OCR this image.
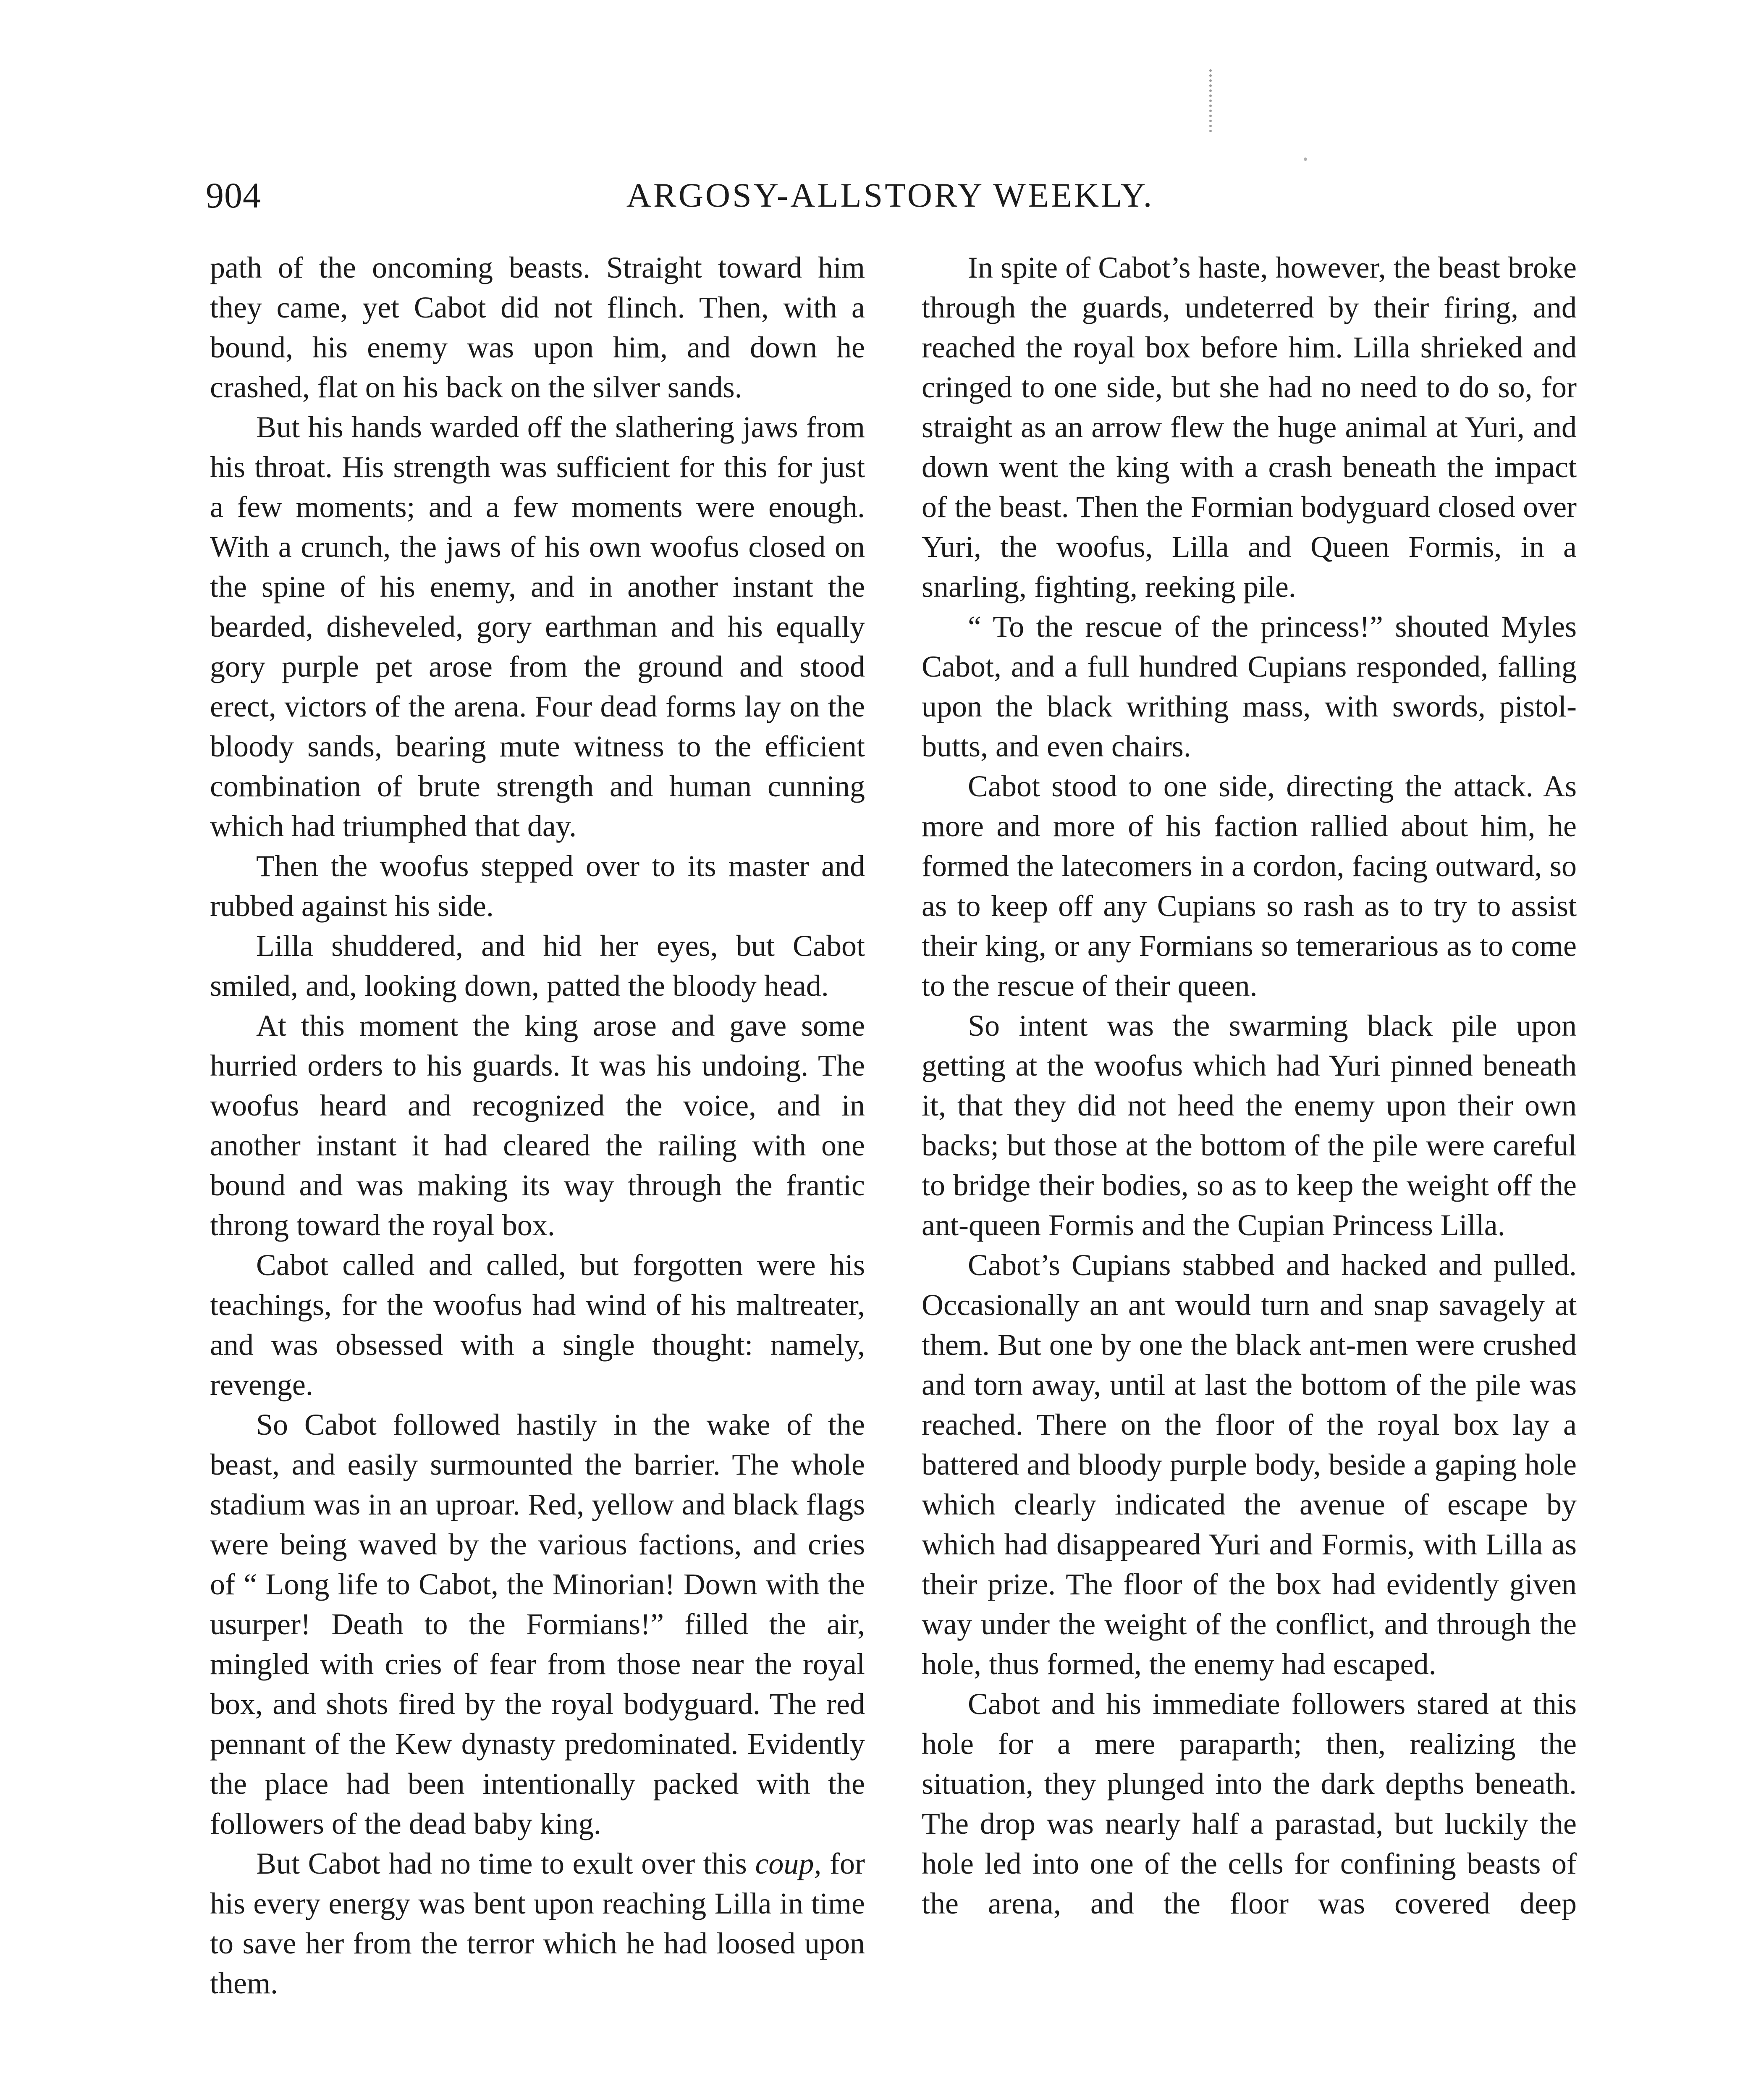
904	ARGOSY-ALLSTORY WEEKLY.

path of the oncoming beasts. Straight toward him they came, yet Cabot did not flinch. Then, with a bound, his enemy was upon him, and down he crashed, flat on his back on the silver sands.

But his hands warded off the slathering jaws from his throat. His strength was sufficient for this for just a few moments; and a few moments were enough. With a crunch, the jaws of his own woofus closed on the spine of his enemy, and in another instant the bearded, disheveled, gory earthman and his equally gory purple pet arose from the ground and stood erect, victors of the arena. Four dead forms lay on the bloody sands, bearing mute witness to the efficient combination of brute strength and human cunning which had triumphed that day.

Then the woofus stepped over to its master and rubbed against his side.

Lilla shuddered, and hid her eyes, but Cabot smiled, and, looking down, patted the bloody head.

At this moment the king arose and gave some hurried orders to his guards. It was his undoing. The woofus heard and recognized the voice, and in another instant it had cleared the railing with one bound and was making its way through the frantic throng toward the royal box.

Cabot called and called, but forgotten were his teachings, for the woofus had wind of his maltreater, and was obsessed with a single thought: namely, revenge.

So Cabot followed hastily in the wake of the beast, and easily surmounted the barrier. The whole stadium was in an uproar. Red, yellow and black flags were being waved by the various factions, and cries of “ Long life to Cabot, the Minorian! Down with the usurper! Death to the Formians!” filled the air, mingled with cries of fear from those near the royal box, and shots fired by the royal bodyguard. The red pennant of the Kew dynasty predominated. Evidently the place had been intentionally packed with the followers of the dead baby king.

But Cabot had no time to exult over this coup, for his every energy was bent upon reaching Lilla in time to save her from the terror which he had loosed upon them.

In spite of Cabot’s haste, however, the beast broke through the guards, undeterred by their firing, and reached the royal box before him. Lilla shrieked and cringed to one side, but she had no need to do so, for straight as an arrow flew the huge animal at Yuri, and down went the king with a crash beneath the impact of the beast. Then the Formian bodyguard closed over Yuri, the woofus, Lilla and Queen Formis, in a snarling, fighting, reeking pile.

“ To the rescue of the princess!” shouted Myles Cabot, and a full hundred Cupians responded, falling upon the black writhing mass, with swords, pistol-butts, and even chairs.

Cabot stood to one side, directing the attack. As more and more of his faction rallied about him, he formed the latecomers in a cordon, facing outward, so as to keep off any Cupians so rash as to try to assist their king, or any Formians so temerarious as to come to the rescue of their queen.

So intent was the swarming black pile upon getting at the woofus which had Yuri pinned beneath it, that they did not heed the enemy upon their own backs; but those at the bottom of the pile were careful to bridge their bodies, so as to keep the weight off the ant-queen Formis and the Cupian Princess Lilla.

Cabot’s Cupians stabbed and hacked and pulled. Occasionally an ant would turn and snap savagely at them. But one by one the black ant-men were crushed and torn away, until at last the bottom of the pile was reached. There on the floor of the royal box lay a battered and bloody purple body, beside a gaping hole which clearly indicated the avenue of escape by which had disappeared Yuri and Formis, with Lilla as their prize. The floor of the box had evidently given way under the weight of the conflict, and through the hole, thus formed, the enemy had escaped.

Cabot and his immediate followers stared at this hole for a mere paraparth; then, realizing the situation, they plunged into the dark depths beneath. The drop was nearly half a parastad, but luckily the hole led into one of the cells for confining beasts of the arena, and the floor was covered deep
